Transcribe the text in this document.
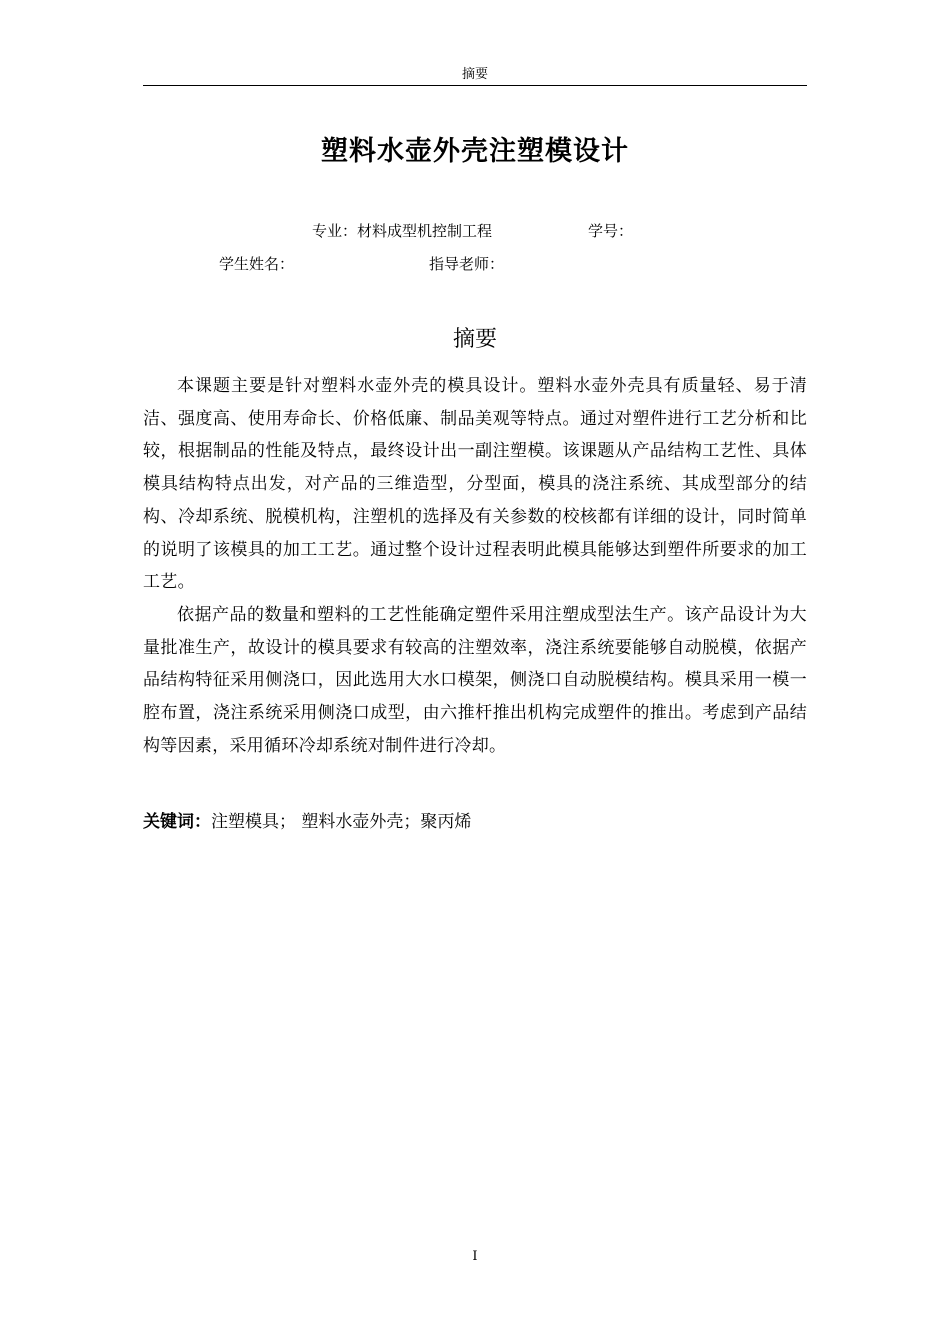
摘要
塑料水壶外壳注塑模设计
专业：材料成型机控制工程	学号：
学生姓名：	指导老师：
摘要

本课题主要是针对塑料水壶外壳的模具设计。塑料水壶外壳具有质量轻、易于清洁、强度高、使用寿命长、价格低廉、制品美观等特点。通过对塑件进行工艺分析和比较，根据制品的性能及特点，最终设计出一副注塑模。该课题从产品结构工艺性、具体模具结构特点出发，对产品的三维造型，分型面，模具的浇注系统、其成型部分的结构、冷却系统、脱模机构，注塑机的选择及有关参数的校核都有详细的设计，同时简单的说明了该模具的加工工艺。通过整个设计过程表明此模具能够达到塑件所要求的加工工艺。

依据产品的数量和塑料的工艺性能确定塑件采用注塑成型法生产。该产品设计为大量批准生产，故设计的模具要求有较高的注塑效率，浇注系统要能够自动脱模，依据产品结构特征采用侧浇口，因此选用大水口模架，侧浇口自动脱模结构。模具采用一模一腔布置，浇注系统采用侧浇口成型，由六推杆推出机构完成塑件的推出。考虑到产品结构等因素，采用循环冷却系统对制件进行冷却。

关键词：注塑模具； 塑料水壶外壳；聚丙烯
I
